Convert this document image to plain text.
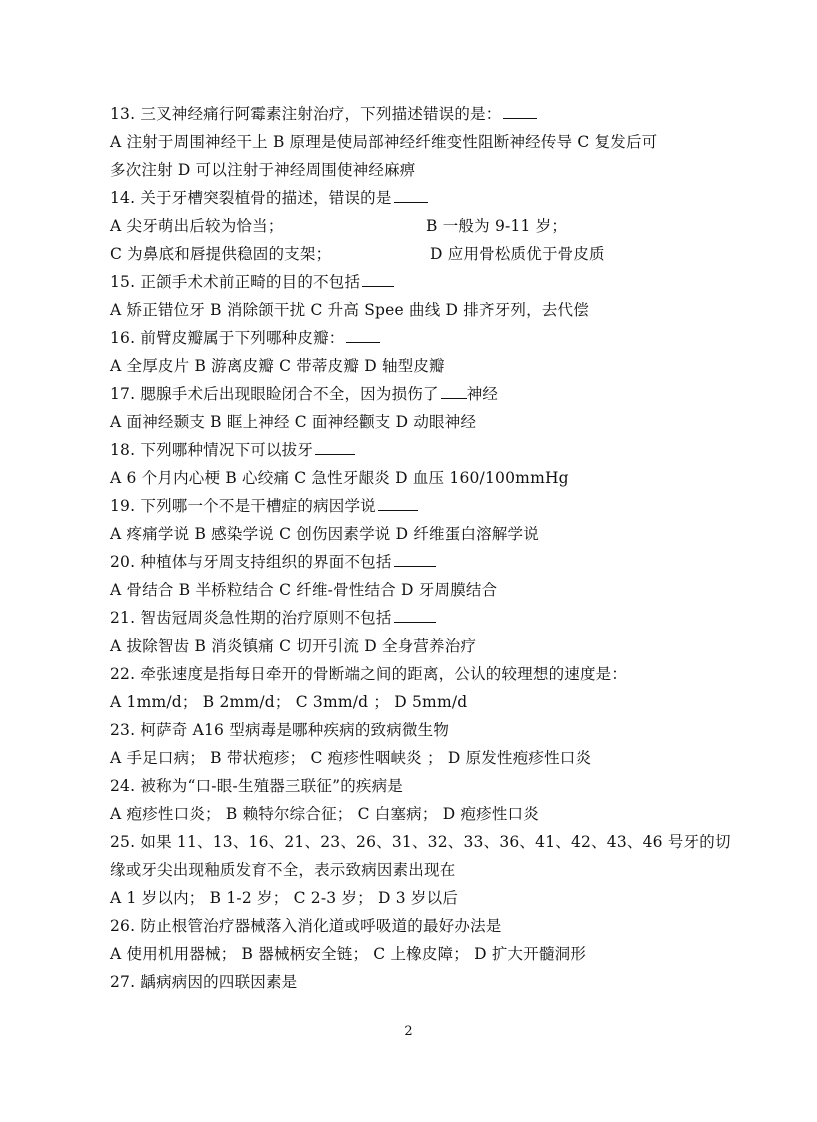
13. 三叉神经痛行阿霉素注射治疗，下列描述错误的是：
A 注射于周围神经干上 B 原理是使局部神经纤维变性阻断神经传导 C 复发后可
多次注射 D 可以注射于神经周围使神经麻痹
14. 关于牙槽突裂植骨的描述，错误的是
A 尖牙萌出后较为恰当；	B 一般为 9-11 岁；
C 为鼻底和唇提供稳固的支架；	D 应用骨松质优于骨皮质
15. 正颌手术术前正畸的目的不包括
A 矫正错位牙 B 消除颌干扰 C 升高 Spee 曲线 D 排齐牙列，去代偿
16. 前臂皮瓣属于下列哪种皮瓣：
A 全厚皮片 B 游离皮瓣 C 带蒂皮瓣 D 轴型皮瓣
17. 腮腺手术后出现眼睑闭合不全，因为损伤了 神经
A 面神经颞支 B 眶上神经 C 面神经颧支 D 动眼神经
18. 下列哪种情况下可以拔牙
A 6 个月内心梗 B 心绞痛 C 急性牙龈炎 D 血压 160/100mmHg
19. 下列哪一个不是干槽症的病因学说
A 疼痛学说 B 感染学说 C 创伤因素学说 D 纤维蛋白溶解学说
20. 种植体与牙周支持组织的界面不包括
A 骨结合 B 半桥粒结合 C 纤维-骨性结合 D 牙周膜结合
21. 智齿冠周炎急性期的治疗原则不包括
A 拔除智齿 B 消炎镇痛 C 切开引流 D 全身营养治疗
22. 牵张速度是指每日牵开的骨断端之间的距离，公认的较理想的速度是：
A 1mm/d； B 2mm/d； C 3mm/d ； D 5mm/d
23. 柯萨奇 A16 型病毒是哪种疾病的致病微生物
A 手足口病； B 带状疱疹； C 疱疹性咽峡炎 ； D 原发性疱疹性口炎
24. 被称为“口-眼-生殖器三联征”的疾病是
A 疱疹性口炎； B 赖特尔综合征； C 白塞病； D 疱疹性口炎
25. 如果 11、13、16、21、23、26、31、32、33、36、41、42、43、46 号牙的切
缘或牙尖出现釉质发育不全，表示致病因素出现在
A 1 岁以内； B 1-2 岁； C 2-3 岁； D 3 岁以后
26. 防止根管治疗器械落入消化道或呼吸道的最好办法是
A 使用机用器械； B 器械柄安全链； C 上橡皮障； D 扩大开髓洞形
27. 龋病病因的四联因素是
2
